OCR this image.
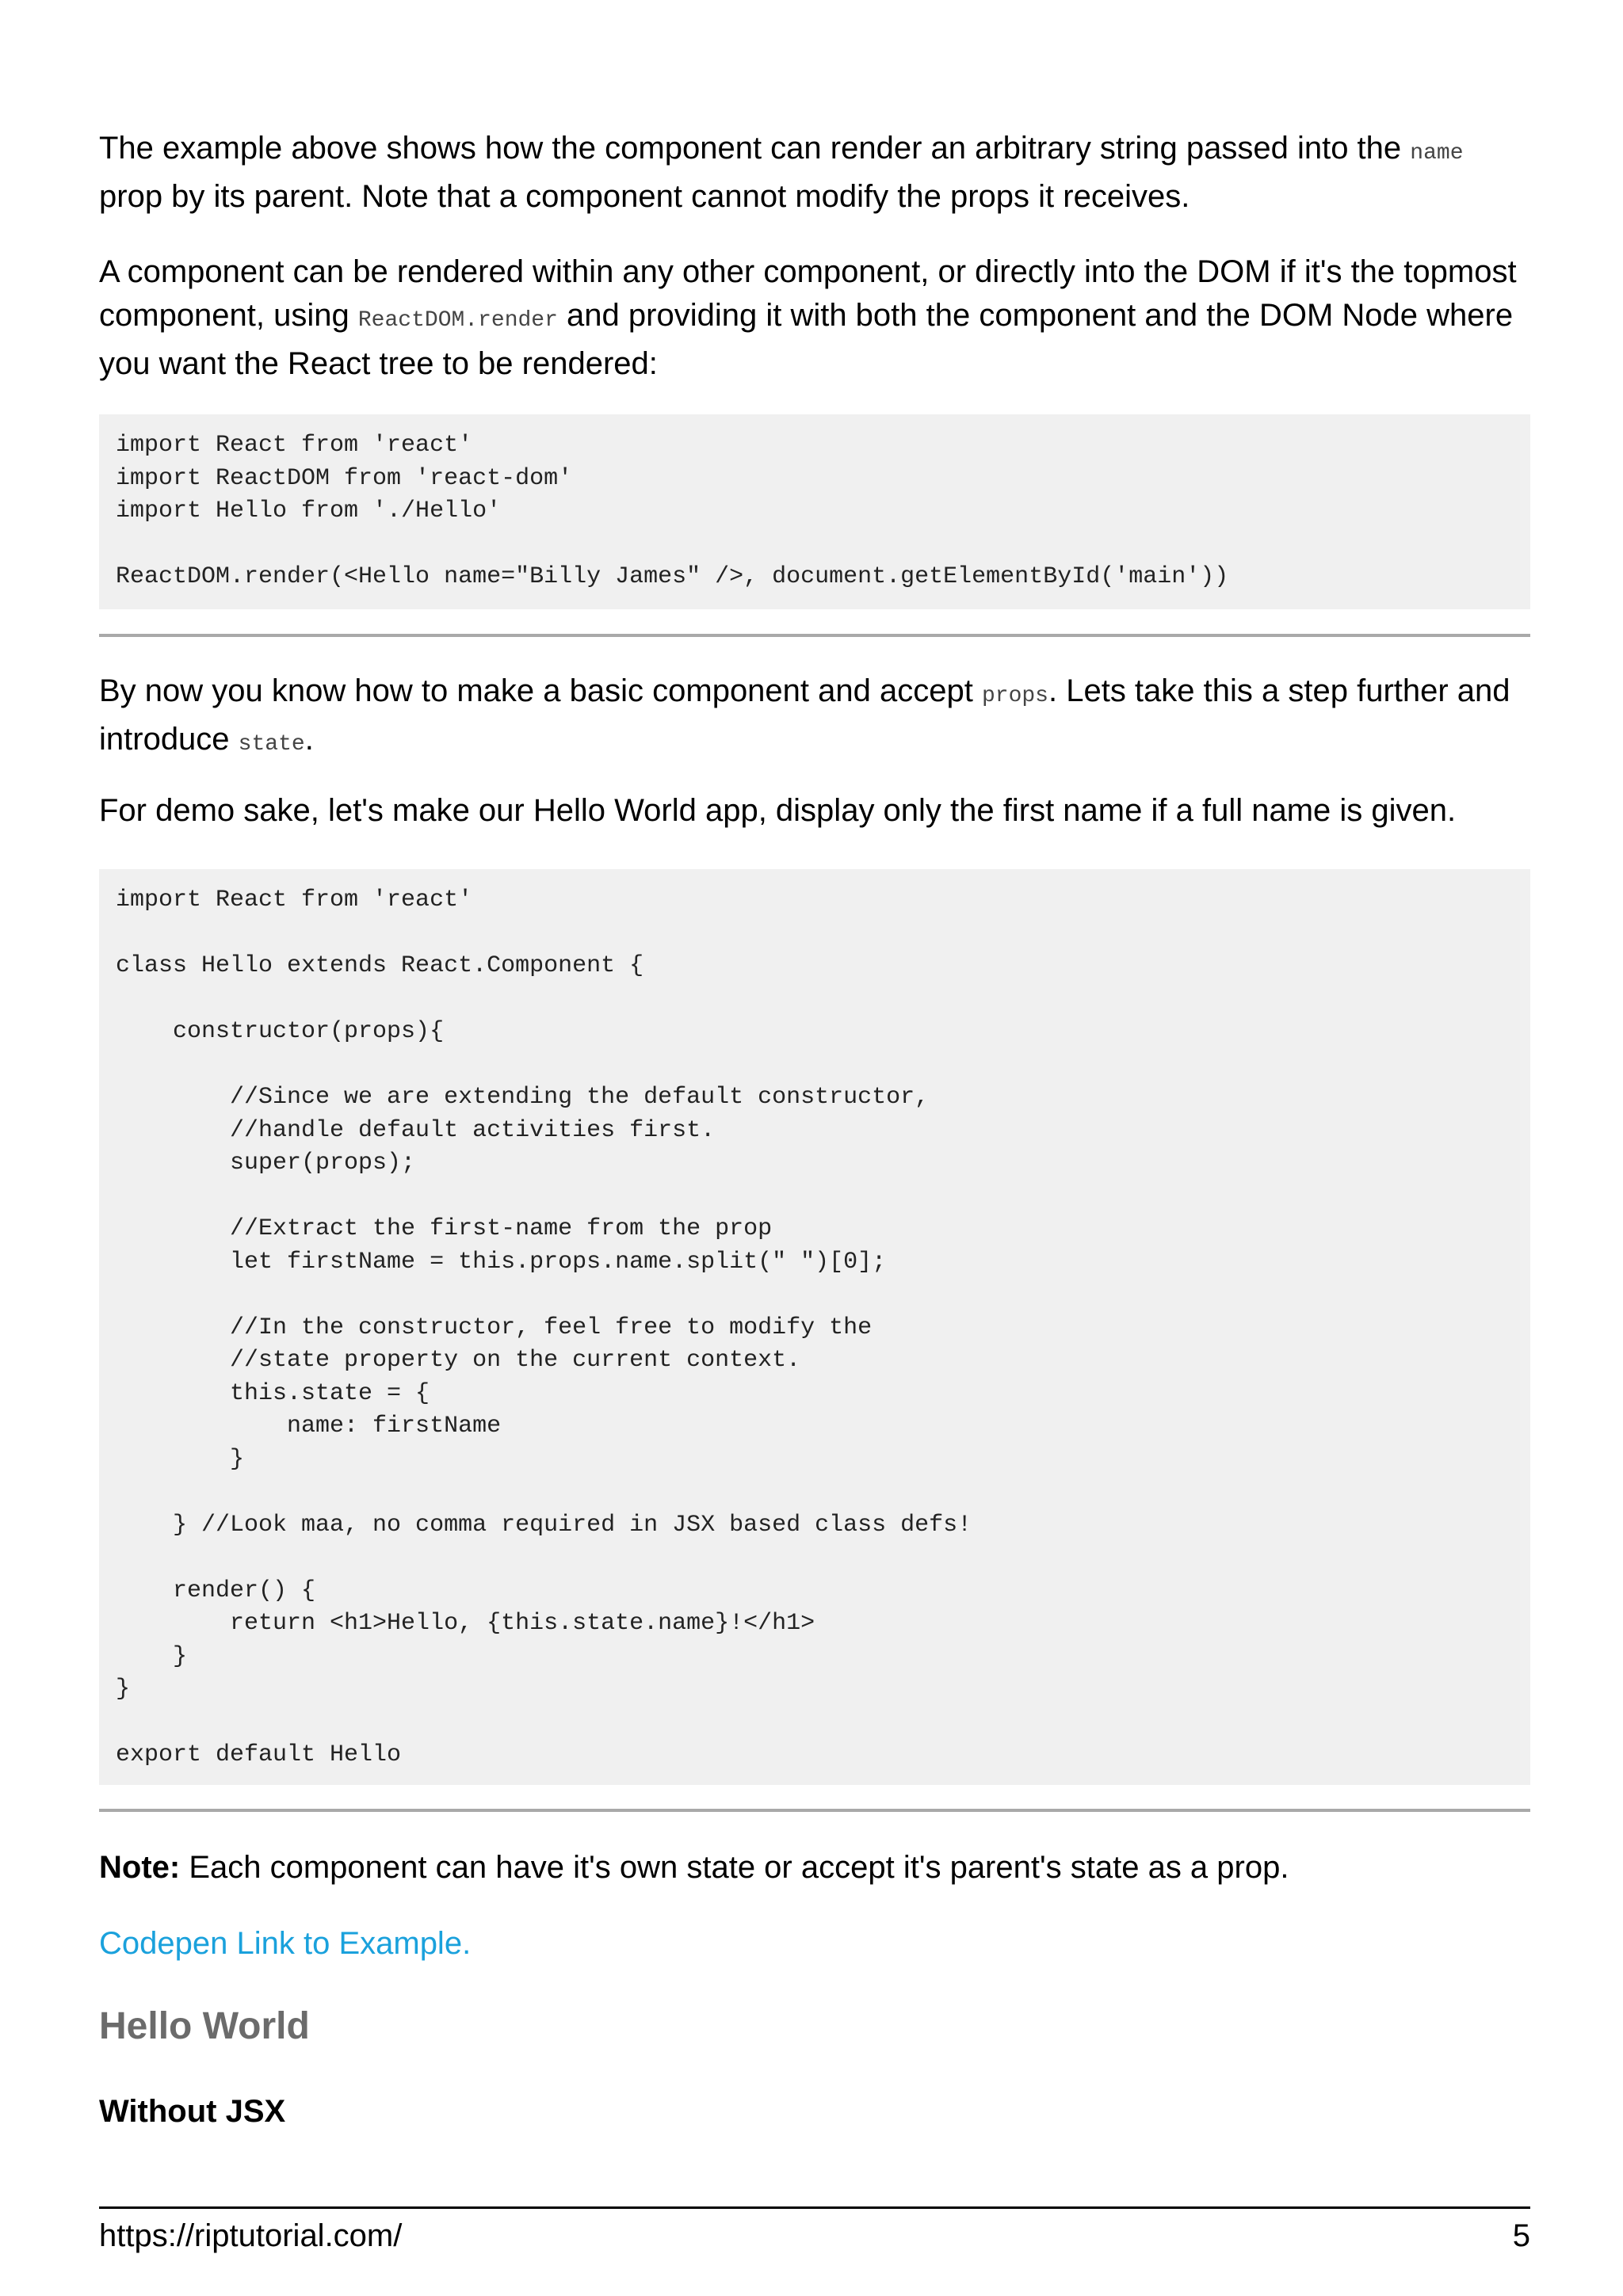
The example above shows how the component can render an arbitrary string passed into the name prop by its parent. Note that a component cannot modify the props it receives.

A component can be rendered within any other component, or directly into the DOM if it's the topmost component, using ReactDOM.render and providing it with both the component and the DOM Node where you want the React tree to be rendered:

import React from 'react'
import ReactDOM from 'react-dom'
import Hello from './Hello'

ReactDOM.render(<Hello name="Billy James" />, document.getElementById('main'))

By now you know how to make a basic component and accept props. Lets take this a step further and introduce state.

For demo sake, let's make our Hello World app, display only the first name if a full name is given.

import React from 'react'

class Hello extends React.Component {

constructor(props){

//Since we are extending the default constructor,
//handle default activities first.
super(props);

//Extract the first-name from the prop
let firstName = this.props.name.split(" ")[0];

//In the constructor, feel free to modify the
//state property on the current context.
this.state = {
name: firstName
}

} //Look maa, no comma required in JSX based class defs!

render() {
return <h1>Hello, {this.state.name}!</h1>
}
}

export default Hello

Note: Each component can have it's own state or accept it's parent's state as a prop.

Codepen Link to Example.

Hello World
Without JSX
https://riptutorial.com/	5
